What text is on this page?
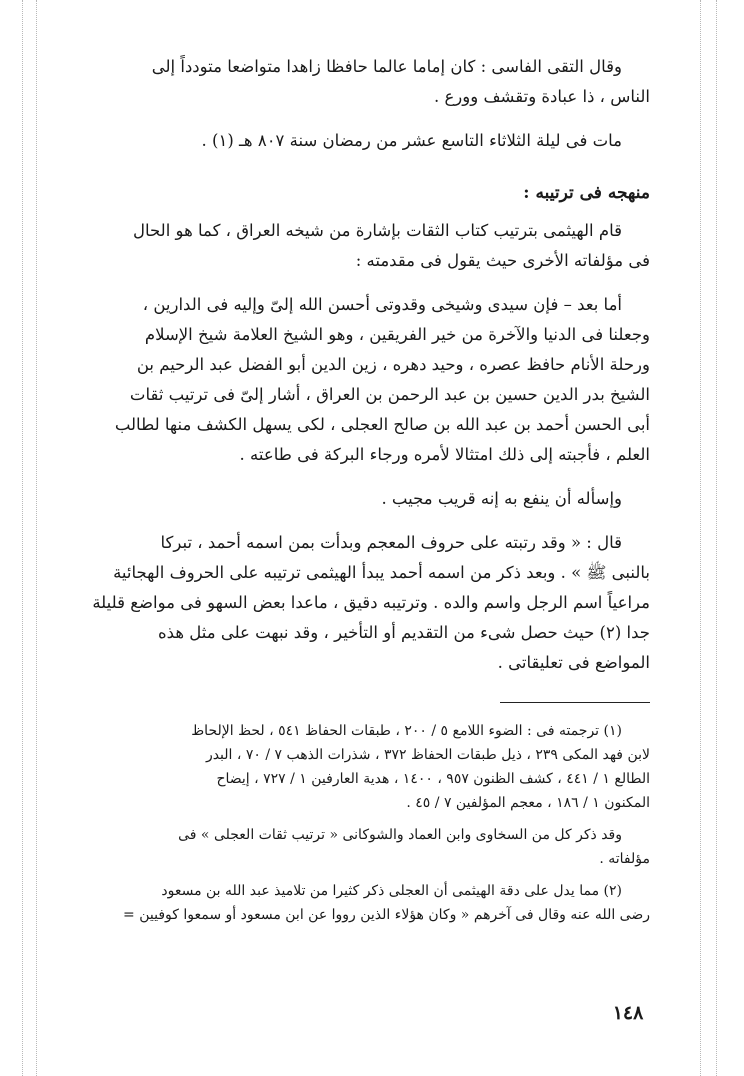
وقال التقى الفاسى : كان إماما عالما حافظا زاهدا متواضعا متودداً إلى

الناس ، ذا عبادة وتقشف وورع .

مات فى ليلة الثلاثاء التاسع عشر من رمضان سنة ٨٠٧ هـ (١) .

منهجه فى ترتيبه :

قام الهيثمى بترتيب كتاب الثقات بإشارة من شيخه العراق ، كما هو الحال

فى مؤلفاته الأخرى حيث يقول فى مقدمته :

أما بعد – فإن سيدى وشيخى وقدوتى أحسن الله إلىّ وإليه فى الدارين ،

وجعلنا فى الدنيا والآخرة من خير الفريقين ، وهو الشيخ العلامة شيخ الإسلام

ورحلة الأنام حافظ عصره ، وحيد دهره ، زين الدين أبو الفضل عبد الرحيم بن

الشيخ بدر الدين حسين بن عبد الرحمن بن العراق ، أشار إلىّ فى ترتيب ثقات

أبى الحسن أحمد بن عبد الله بن صالح العجلى ، لكى يسهل الكشف منها لطالب

العلم ، فأجبته إلى ذلك امتثالا لأمره ورجاء البركة فى طاعته .

وإسأله أن ينفع به إنه قريب مجيب .

قال : « وقد رتبته على حروف المعجم وبدأت بمن اسمه أحمد ، تبركا

بالنبى ﷺ » . وبعد ذكر من اسمه أحمد يبدأ الهيثمى ترتيبه على الحروف الهجائية

مراعياً اسم الرجل واسم والده . وترتيبه دقيق ، ماعدا بعض السهو فى مواضع قليلة

جدا (٢) حيث حصل شىء من التقديم أو التأخير ، وقد نبهت على مثل هذه

المواضع فى تعليقاتى .

(١) ترجمته فى : الضوء اللامع ٥ / ٢٠٠ ، طبقات الحفاظ ٥٤١ ، لحظ الإلحاظ

لابن فهد المكى ٢٣٩ ، ذيل طبقات الحفاظ ٣٧٢ ، شذرات الذهب ٧ / ٧٠ ، البدر

الطالع ١ / ٤٤١ ، كشف الظنون ٩٥٧ ، ١٤٠٠ ، هدية العارفين ١ / ٧٢٧ ، إيضاح

المكنون ١ / ١٨٦ ، معجم المؤلفين ٧ / ٤٥ .

وقد ذكر كل من السخاوى وابن العماد والشوكانى « ترتيب ثقات العجلى » فى

مؤلفاته .

(٢) مما يدل على دقة الهيثمى أن العجلى ذكر كثيرا من تلاميذ عبد الله بن مسعود

رضى الله عنه وقال فى آخرهم « وكان هؤلاء الذين رووا عن ابن مسعود أو سمعوا كوفيين =

١٤٨
